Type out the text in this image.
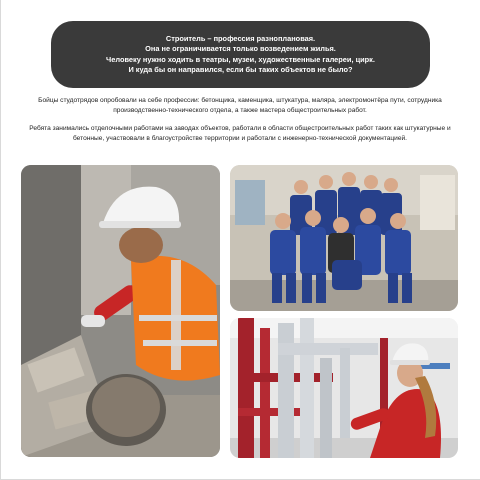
Строитель – профессия разноплановая.
Она не ограничивается только возведением жилья.
Человеку нужно ходить в театры, музеи, художественные галереи, цирк.
И куда бы он направился, если бы таких объектов не было?
Бойцы студотрядов опробовали на себе профессии: бетонщика, каменщика, штукатура, маляра, электромонтёра пути, сотрудника производственно-технического отдела, а также мастера общестроительных работ.
Ребята занимались отделочными работами на заводах объектов, работали в области общестроительных работ таких как штукатурные и бетонные, участвовали в благоустройстве территории и работали с инженерно-технической документацией.
